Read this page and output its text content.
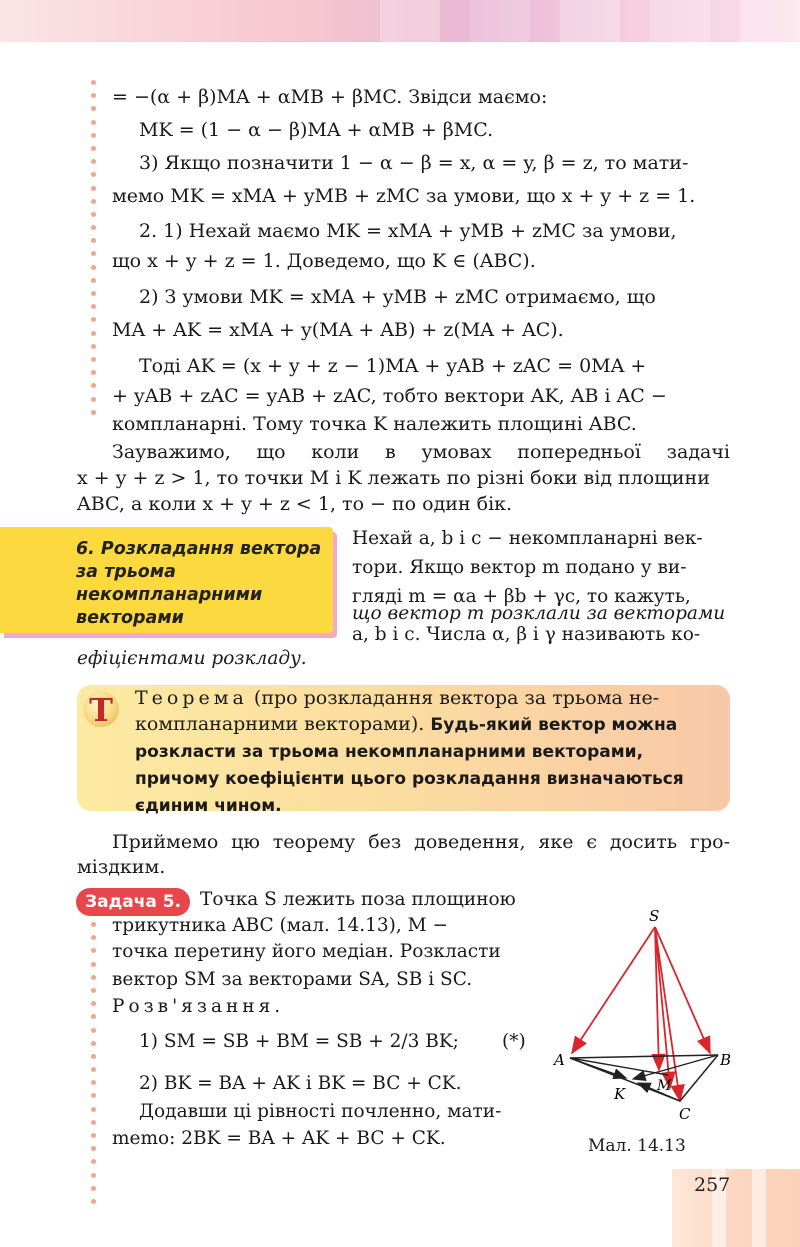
= −(α + β)MA + αMB + βMC. Звідси маємо:

MK = (1 − α − β)MA + αMB + βMC.

3) Якщо позначити 1 − α − β = x, α = y, β = z, то мати-

мемо MK = xMA + yMB + zMC за умови, що x + y + z = 1.

2. 1) Нехай маємо MK = xMA + yMB + zMC за умови,

що x + y + z = 1. Доведемо, що K ∈ (ABC).

2) З умови MK = xMA + yMB + zMC отримаємо, що

MA + AK = xMA + y(MA + AB) + z(MA + AC).

Тоді AK = (x + y + z − 1)MA + yAB + zAC = 0MA +

+ yAB + zAC = yAB + zAC, тобто вектори AK, AB і AC −

компланарні. Тому точка K належить площині ABC.

Зауважимо, що коли в умовах попередньої задачі

x + y + z > 1, то точки M і K лежать по різні боки від площини

ABC, а коли x + y + z < 1, то − по один бік.

6. Розкладання вектора за трьома некомпланарними векторами

Нехай a, b і c − некомпланарні век-

тори. Якщо вектор m подано у ви-

гляді m = αa + βb + γc, то кажуть,

що вектор m розклали за векторами

a, b і c. Числа α, β і γ називають ко-

ефіцієнтами розкладу.

T	Теорема (про розкладання вектора за трьома не-компланарними векторами). Будь-який вектор можна розкласти за трьома некомпланарними векторами, причому коефіцієнти цього розкладання визначаються єдиним чином.

Приймемо цю теорему без доведення, яке є досить гро-

міздким.

Задача 5.	Точка S лежить поза площиною

трикутника ABC (мал. 14.13), M −

точка перетину його медіан. Розкласти

вектор SM за векторами SA, SB і SC.

Розв'язання.

1) SM = SB + BM = SB + 2/3 BK; (*)

2) BK = BA + AK і BK = BC + CK.

Додавши ці рівності почленно, мати-

memo: 2BK = BA + AK + BC + CK.

S
A	B
C
K M
Мал. 14.13
257
